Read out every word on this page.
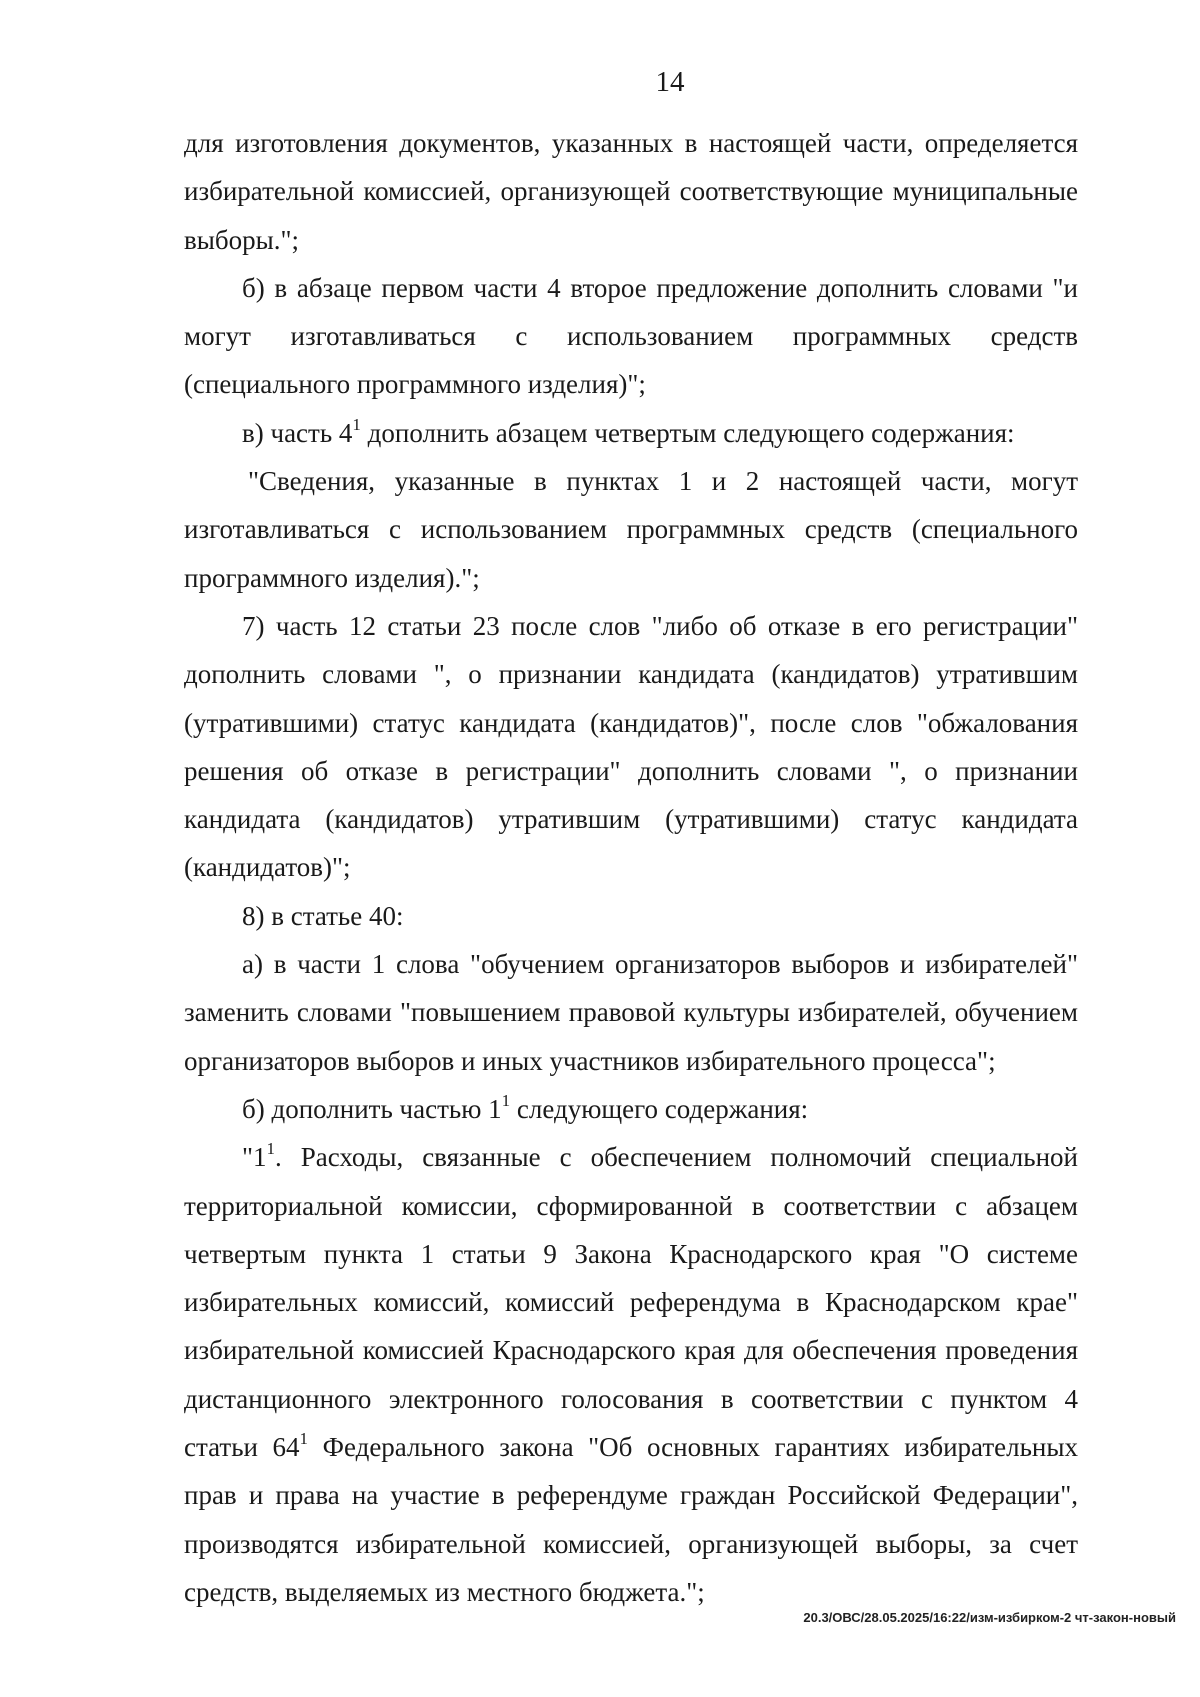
14

для изготовления документов, указанных в настоящей части, определяется избирательной комиссией, организующей соответствующие муниципальные выборы.";

б) в абзаце первом части 4 второе предложение дополнить словами "и могут изготавливаться с использованием программных средств (специального программного изделия)";

в) часть $4^1$ дополнить абзацем четвертым следующего содержания:

"Сведения, указанные в пунктах 1 и 2 настоящей части, могут изготавливаться с использованием программных средств (специального программного изделия).";

7) часть 12 статьи 23 после слов "либо об отказе в его регистрации" дополнить словами ", о признании кандидата (кандидатов) утратившим (утратившими) статус кандидата (кандидатов)", после слов "обжалования решения об отказе в регистрации" дополнить словами ", о признании кандидата (кандидатов) утратившим (утратившими) статус кандидата (кандидатов)";

8) в статье 40:

а) в части 1 слова "обучением организаторов выборов и избирателей" заменить словами "повышением правовой культуры избирателей, обучением организаторов выборов и иных участников избирательного процесса";

б) дополнить частью $1^1$ следующего содержания:

"$1^1$. Расходы, связанные с обеспечением полномочий специальной территориальной комиссии, сформированной в соответствии с абзацем четвертым пункта 1 статьи 9 Закона Краснодарского края "О системе избирательных комиссий, комиссий референдума в Краснодарском крае" избирательной комиссией Краснодарского края для обеспечения проведения дистанционного электронного голосования в соответствии с пунктом 4 статьи $64^1$ Федерального закона "Об основных гарантиях избирательных прав и права на участие в референдуме граждан Российской Федерации", производятся избирательной комиссией, организующей выборы, за счет средств, выделяемых из местного бюджета.";

20.3/ОВС/28.05.2025/16:22/изм-избирком-2 чт-закон-новый
